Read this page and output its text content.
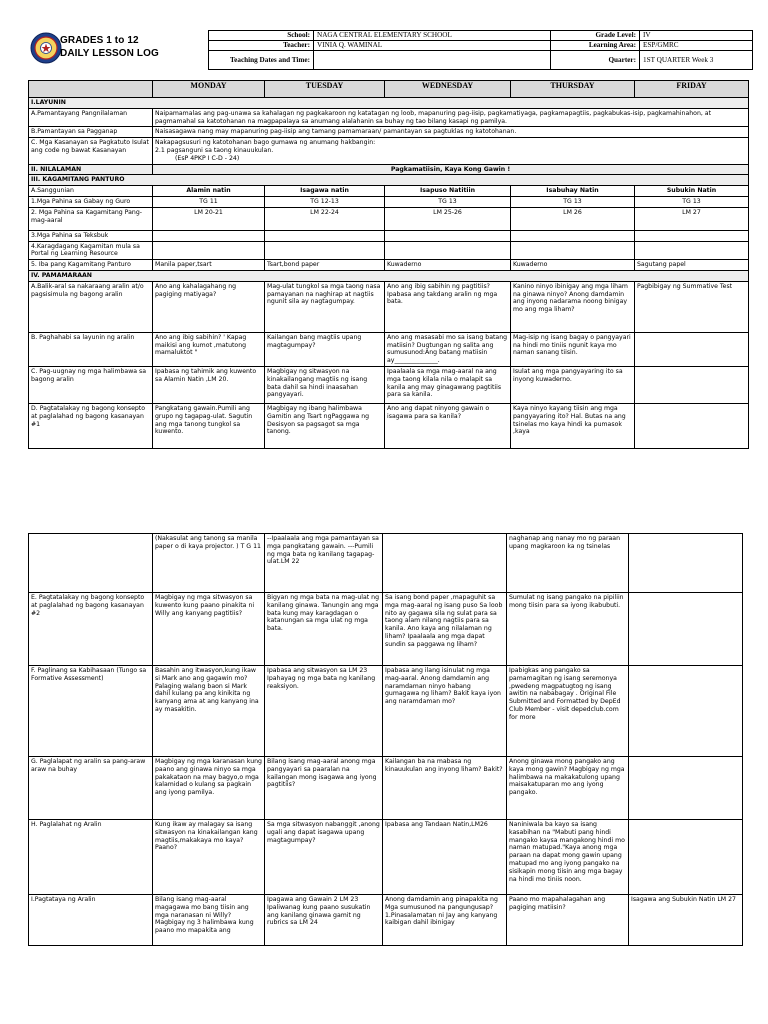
GRADES 1 to 12
DAILY LESSON LOG
School:	NAGA CENTRAL ELEMENTARY SCHOOL	Grade Level:	IV
Teacher:	VINIA Q. WAMINAL	Learning Area:	ESP/GMRC
Teaching Dates and Time:		Quarter:	1ST QUARTER Week 3
	MONDAY	TUESDAY	WEDNESDAY	THURSDAY	FRIDAY
I.LAYUNIN					
A.Pamantayang Pangnilalaman	Naipamamalas ang pag-unawa sa kahalagan ng pagkakaroon ng katatagan ng loob, mapanuring pag-iisip, pagkamatiyaga, pagkamapagtiis, pagkabukas-isip, pagkamahinahon, at pagmamahal sa katotohanan na magpapalaya sa anumang alalahanin sa buhay ng tao bilang kasapi ng pamilya.				
B.Pamantayan sa Pagganap	Naisasagawa nang may mapanuring pag-iisip ang tamang pamamaraan/ pamantayan sa pagtuklas ng katotohanan.				
C. Mga Kasanayan sa Pagkatuto Isulat ang code ng bawat Kasanayan	Nakapagsusuri ng katotohanan bago gumawa ng anumang hakbangin:
2.1 pagsanguni sa taong kinauukulan.
(EsP 4PKP I C-D - 24)				

II. NILALAMAN	Pagkamatiisin, Kaya Kong Gawin !				
III. KAGAMITANG PANTURO					
A.Sanggunian	Alamin natin	Isagawa natin	Isapuso Natitiin	Isabuhay Natin	Subukin Natin
1.Mga Pahina sa Gabay ng Guro	TG 11	TG 12-13	TG 13	TG 13	TG 13
2. Mga Pahina sa Kagamitang Pang-mag-aaral	LM 20-21	LM 22-24	LM 25-26	LM 26	LM 27
3.Mga Pahina sa Teksbuk					
4.Karagdagang Kagamitan mula sa Portal ng Learning Resource					
5. Iba pang Kagamitang Panturo	Manila paper,tsart	Tsart,bond paper	Kuwaderno	Kuwaderno	Sagutang papel
IV. PAMAMARAAN					
A.Balik-aral sa nakaraang aralin at/o pagsisimula ng bagong aralin	Ano ang kahalagahang ng pagiging matiyaga?	Mag-ulat tungkol sa mga taong nasa pamayanan na naghirap at nagtiis ngunit sila ay nagtagumpay.	Ano ang ibig sabihin ng pagtitiis? Ipabasa ang takdang aralin ng mga bata.	Kanino ninyo ibinigay ang mga liham na ginawa ninyo? Anong damdamin ang inyong nadarama noong binigay mo ang mga liham?	Pagbibigay ng Summative Test
B. Paghahabi sa layunin ng aralin	Ano ang ibig sabihin? ' Kapag maikisi ang kumot ,matutong mamaluktot "	Kailangan bang magtiis upang magtagumpay?	Ano ang masasabi mo sa isang batang matiisin? Dugtungan ng salita ang sumusunod:Ang batang matiisin ay______________.	Mag-isip ng isang bagay o pangyayari na hindi mo tiniis ngunit kaya mo naman sanang tiisin.	
C. Pag-uugnay ng mga halimbawa sa bagong aralin	Ipabasa ng tahimik ang kuwento sa Alamin Natin ,LM 20.	Magbigay ng sitwasyon na kinakailangang magtiis ng isang bata dahil sa hindi inaasahan pangyayari.	Ipaalaala sa mga mag-aaral na ang mga taong kilala nila o malapit sa kanila ang may ginagawang pagtitiis para sa kanila.	Isulat ang mga pangyayaring ito sa inyong kuwaderno.	
D. Pagtatalakay ng bagong konsepto at paglalahad ng bagong kasanayan #1	Pangkatang gawain.Pumili ang grupo ng tagapag-ulat. Sagutin ang mga tanong tungkol sa kuwento.	Magbigay ng ibang halimbawa Gamitin ang Tsart ngPaggawa ng Desisyon sa pagsagot sa mga tanong.	Ano ang dapat ninyong gawain o isagawa para sa kanila?	Kaya ninyo kayang tiisin ang mga pangyayaring ito? Hal. Butas na ang tsinelas mo kaya hindi ka pumasok ,kaya	
	(Nakasulat ang tanong sa manila paper o di kaya projector. ) T G 11	--Ipaalaala ang mga pamantayan sa mga pangkatang gawain. ---Pumili ng mga bata ng kanilang tagapag-ulat.LM 22		naghanap ang nanay mo ng paraan upang magkaroon ka ng tsinelas	
E. Pagtatalakay ng bagong konsepto at paglalahad ng bagong kasanayan #2	Magbigay ng mga sitwasyon sa kuwento kung paano pinakita ni Willy ang kanyang pagtitiis?	Bigyan ng mga bata na mag-ulat ng kanilang ginawa. Tanungin ang mga bata kung may karagdagan o katanungan sa mga ulat ng mga bata.	Sa isang bond paper ,mapaguhit sa mga mag-aaral ng isang puso Sa loob nito ay gagawa sila ng sulat para sa taong alam nilang nagtiis para sa kanila. Ano kaya ang nilalaman ng liham? Ipaalaala ang mga dapat sundin sa paggawa ng liham?	Sumulat ng isang pangako na pipiliin mong tiisin para sa iyong ikabubuti.	
F. Paglinang sa Kabihasaan (Tungo sa Formative Assessment)	Basahin ang itwasyon,kung ikaw si Mark ano ang gagawin mo? Palaging walang baon si Mark dahil kulang pa ang kinikita ng kanyang ama at ang kanyang ina ay masakitin.	Ipabasa ang sitwasyon sa LM 23 Ipahayag ng mga bata ng kanilang reaksiyon.	Ipabasa ang ilang isinulat ng mga mag-aaral. Anong damdamin ang naramdaman ninyo habang gumagawa ng liham? Bakit kaya iyon ang naramdaman mo?	Ipabigkas ang pangako sa pamamagitan ng isang seremonya ,pwedeng magpatugtog ng isang awitin na nababagay . Original File Submitted and Formatted by DepEd Club Member - visit depedclub.com for more	
G. Paglalapat ng aralin sa pang-araw araw na buhay	Magbigay ng mga karanasan kung paano ang ginawa ninyo sa mga pakakataon na may bagyo,o mga kalamidad o kulang sa pagkain ang iyong pamilya.	Bilang isang mag-aaral anong mga pangyayari sa paaralan na kailangan mong isagawa ang iyong pagtitiis?	Kailangan ba na mabasa ng kinauukulan ang inyong liham? Bakit?	Anong ginawa mong pangako ang kaya mong gawin? Magbigay ng mga halimbawa na makakatulong upang maisakatuparan mo ang iyong pangako.	
H. Paglalahat ng Aralin	Kung ikaw ay malagay sa isang sitwasyon na kinakailangan kang magtiis,makakaya mo kaya?Paano?	Sa mga sitwasyon nabanggit ,anong ugali ang dapat isagawa upang magtagumpay?	Ipabasa ang Tandaan Natin,LM26	Naniniwala ba kayo sa isang kasabihan na "Mabuti pang hindi mangako kaysa mangakong hindi mo naman matupad."Kaya anong mga paraan na dapat mong gawin upang matupad mo ang iyong pangako na sisikapin mong tiisin ang mga bagay na hindi mo tiniis noon.	
I.Pagtataya ng Aralin	Bilang isang mag-aaral magagawa mo bang tiisin ang mga naranasan ni Willy? Magbigay ng 3 halimbawa kung paano mo mapakita ang	Ipagawa ang Gawain 2 LM 23 Ipaliwanag kung paano susukatin ang kanilang ginawa gamit ng rubrics sa LM 24	Anong damdamin ang pinapakita ng Mga sumusunod na pangungusap? 1.Pinasalamatan ni Jay ang kanyang kaibigan dahil ibinigay	Paano mo mapahalagahan ang pagiging matiisin?	Isagawa ang Subukin Natin LM 27
